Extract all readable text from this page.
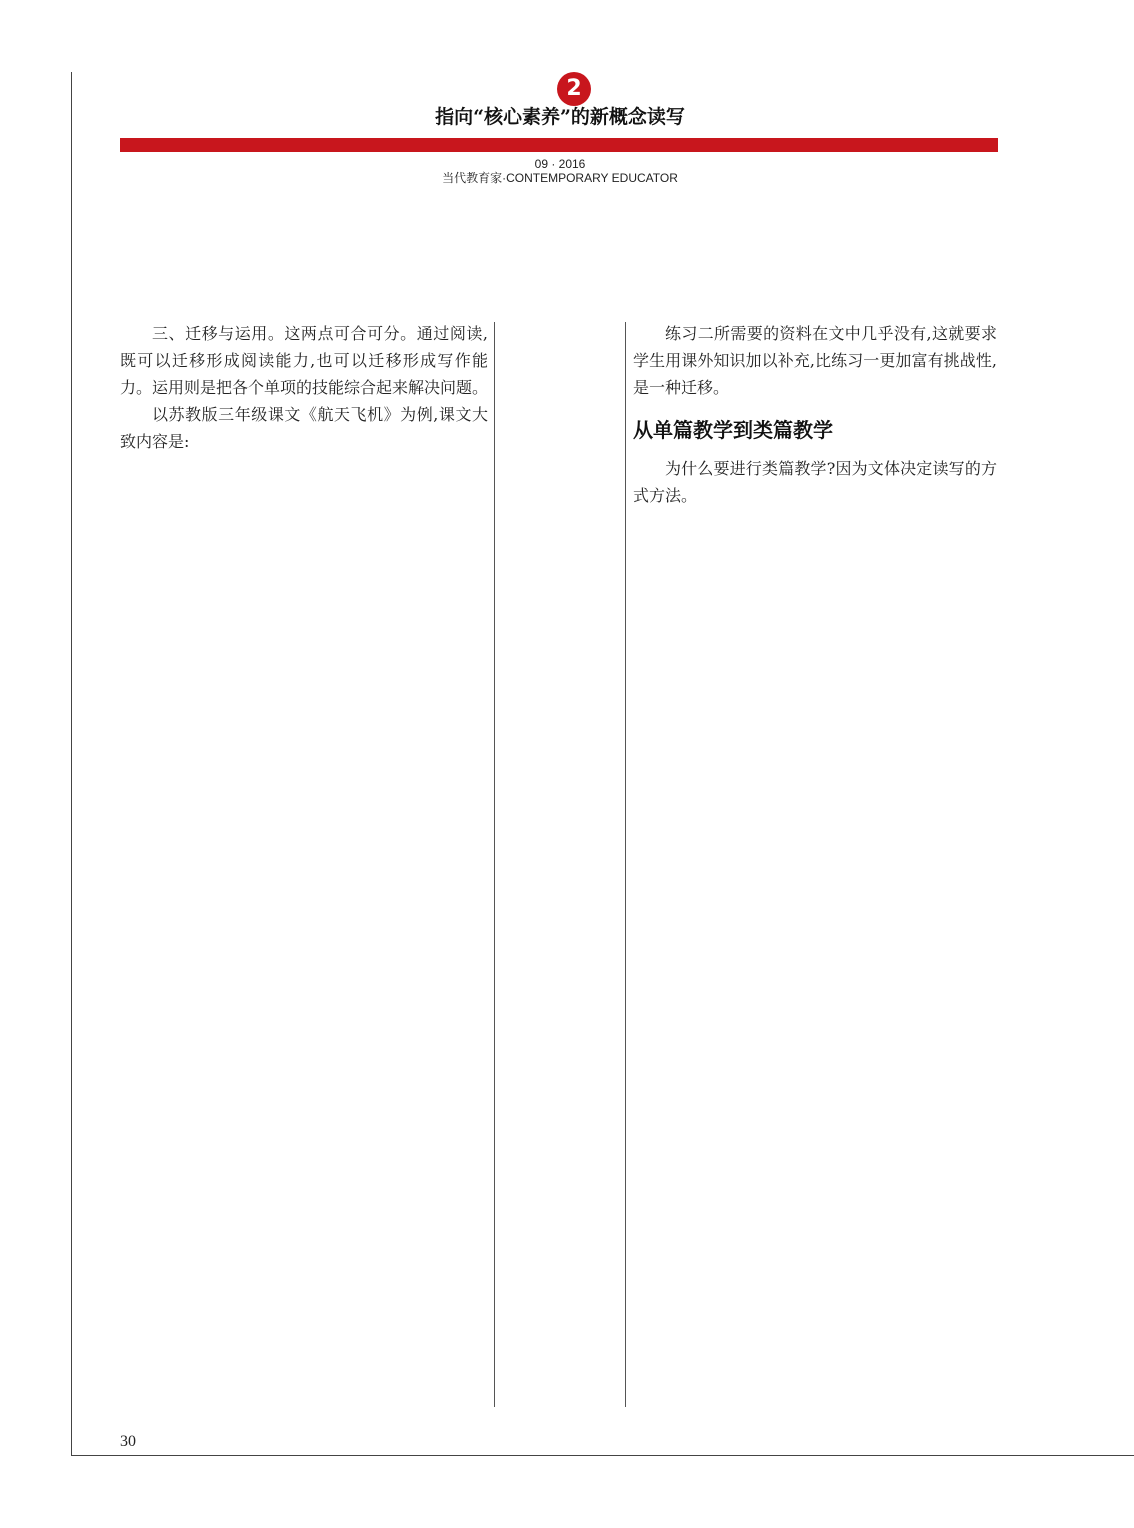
2
指向“核心素养”的新概念读写
09 · 2016
当代教育家·CONTEMPORARY EDUCATOR

三、迁移与运用。这两点可合可分。通过阅读,既可以迁移形成阅读能力,也可以迁移形成写作能力。运用则是把各个单项的技能综合起来解决问题。

以苏教版三年级课文《航天飞机》为例,课文大致内容是:

练习二所需要的资料在文中几乎没有,这就要求学生用课外知识加以补充,比练习一更加富有挑战性,是一种迁移。

从单篇教学到类篇教学

为什么要进行类篇教学?因为文体决定读写的方式方法。

30
